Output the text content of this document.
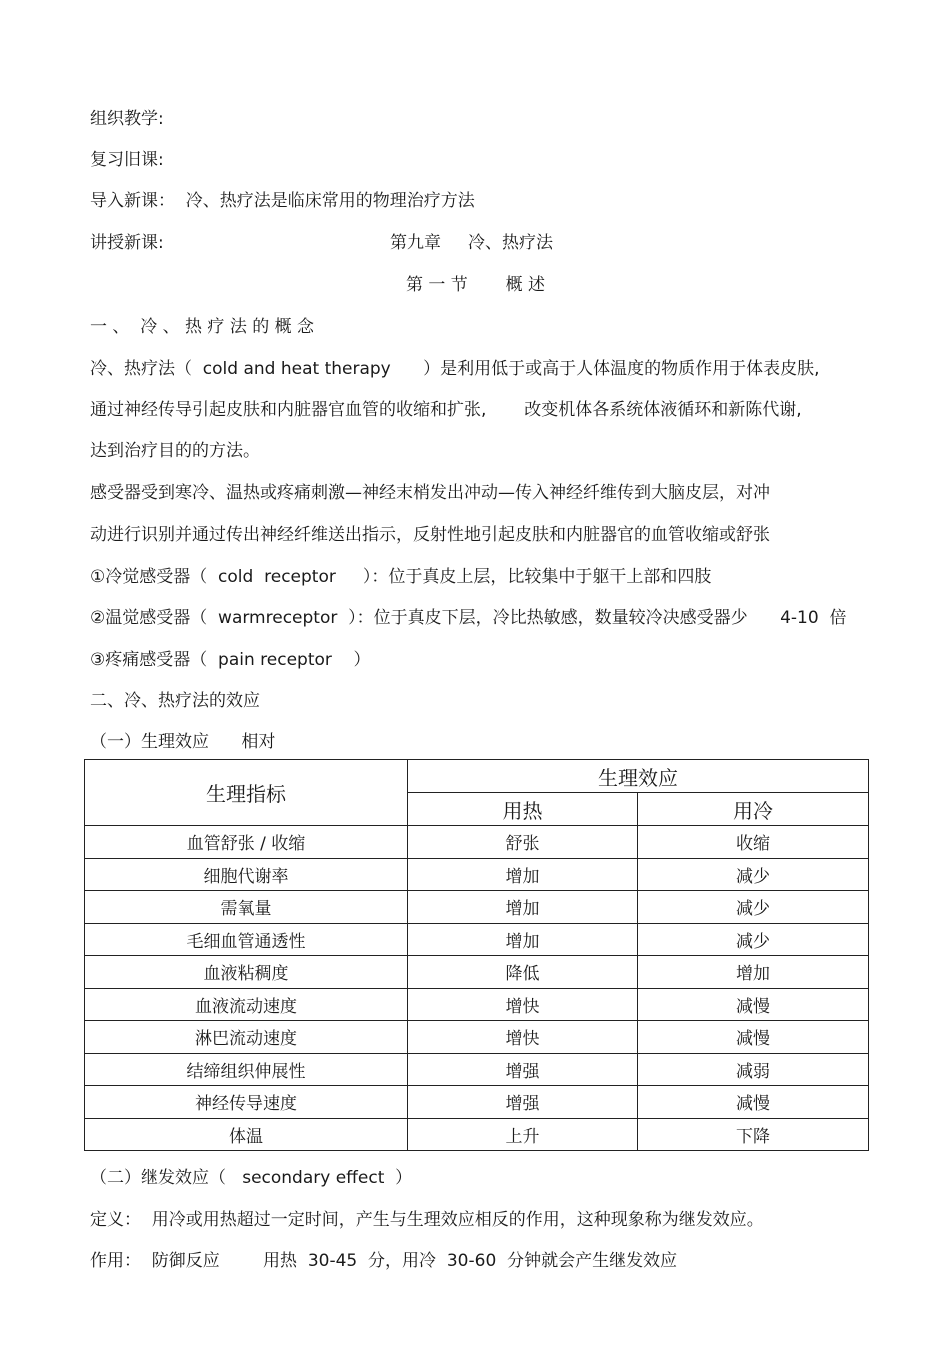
组织教学:
复习旧课:
导入新课：  冷、热疗法是临床常用的物理治疗方法
讲授新课:	第九章     冷、热疗法
第 一 节       概 述
一 、  冷 、 热 疗 法 的 概 念
冷、热疗法（  cold and heat therapy      ）是利用低于或高于人体温度的物质作用于体表皮肤,
通过神经传导引起皮肤和内脏器官血管的收缩和扩张,       改变机体各系统体液循环和新陈代谢,
达到治疗目的的方法。
感受器受到寒冷、温热或疼痛刺激—神经末梢发出冲动—传入神经纤维传到大脑皮层，对冲
动进行识别并通过传出神经纤维送出指示，反射性地引起皮肤和内脏器官的血管收缩或舒张
①冷觉感受器（  cold  receptor     ）：位于真皮上层，比较集中于躯干上部和四肢
②温觉感受器（  warmreceptor  ）：位于真皮下层，冷比热敏感，数量较冷决感受器少      4-10  倍
③疼痛感受器（  pain receptor    ）
二、冷、热疗法的效应
（一）生理效应      相对
生理指标	生理效应	
	用热	用冷
血管舒张 / 收缩	舒张	收缩
细胞代谢率	增加	减少
需氧量	增加	减少
毛细血管通透性	增加	减少
血液粘稠度	降低	增加
血液流动速度	增快	减慢
淋巴流动速度	增快	减慢
结缔组织伸展性	增强	减弱
神经传导速度	增强	减慢
体温	上升	下降
（二）继发效应（   secondary effect  ）
定义：  用冷或用热超过一定时间，产生与生理效应相反的作用，这种现象称为继发效应。
作用：  防御反应        用热  30-45  分，用冷  30-60  分钟就会产生继发效应
